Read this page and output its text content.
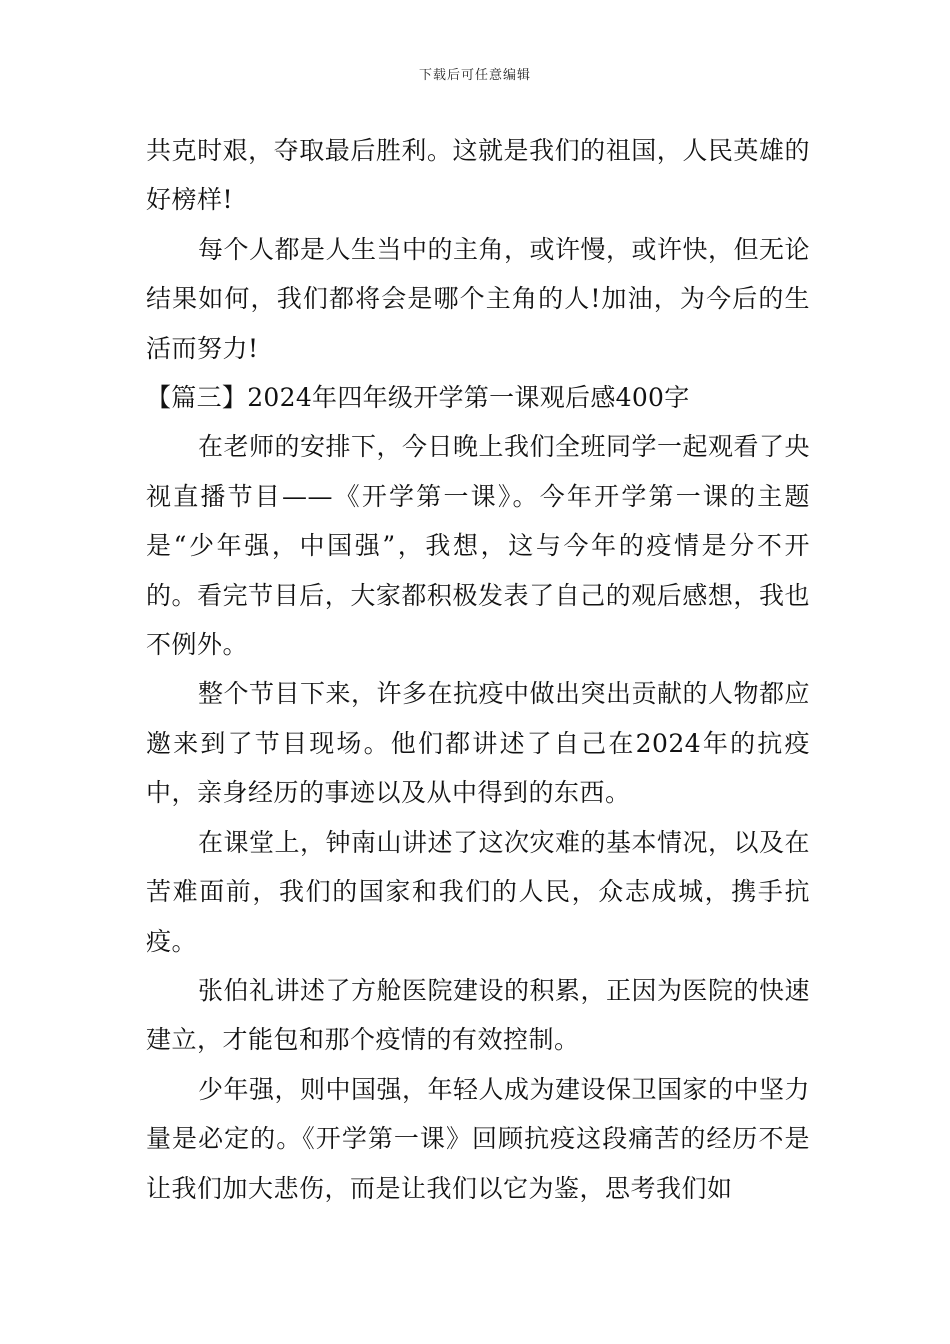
下载后可任意编辑

共克时艰，夺取最后胜利。这就是我们的祖国，人民英雄的好榜样!

每个人都是人生当中的主角，或许慢，或许快，但无论结果如何，我们都将会是哪个主角的人!加油，为今后的生活而努力!

【篇三】2024年四年级开学第一课观后感400字

在老师的安排下，今日晚上我们全班同学一起观看了央视直播节目——《开学第一课》。今年开学第一课的主题是“少年强，中国强”，我想，这与今年的疫情是分不开的。看完节目后，大家都积极发表了自己的观后感想，我也不例外。

整个节目下来，许多在抗疫中做出突出贡献的人物都应邀来到了节目现场。他们都讲述了自己在2024年的抗疫中，亲身经历的事迹以及从中得到的东西。

在课堂上，钟南山讲述了这次灾难的基本情况，以及在苦难面前，我们的国家和我们的人民，众志成城，携手抗疫。

张伯礼讲述了方舱医院建设的积累，正因为医院的快速建立，才能包和那个疫情的有效控制。

少年强，则中国强，年轻人成为建设保卫国家的中坚力量是必定的。《开学第一课》回顾抗疫这段痛苦的经历不是让我们加大悲伤，而是让我们以它为鉴，思考我们如
